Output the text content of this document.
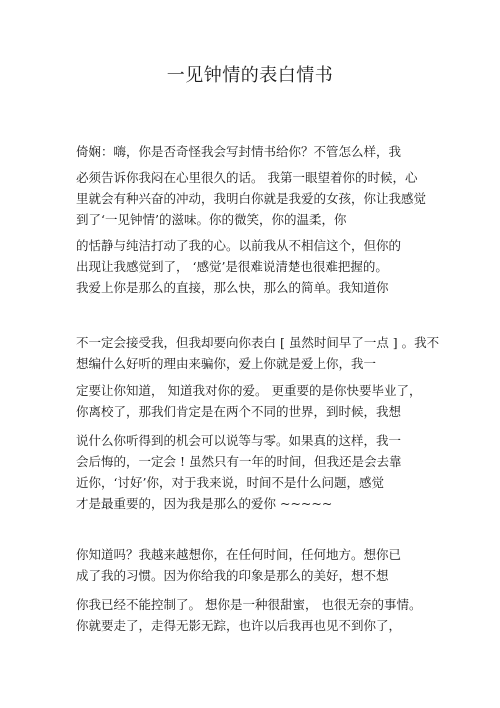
一见钟情的表白情书
倚娴：嗨，你是否奇怪我会写封情书给你？不管怎么样，我
必须告诉你我闷在心里很久的话。 我第一眼望着你的时候，心
里就会有种兴奋的冲动，我明白你就是我爱的女孩，你让我感觉
到了‘一见钟情’的滋味。你的微笑，你的温柔，你
的恬静与纯洁打动了我的心。以前我从不相信这个，但你的
出现让我感觉到了， ‘感觉’是很难说清楚也很难把握的。
我爱上你是那么的直接，那么快，那么的简单。我知道你
不一定会接受我，但我却要向你表白 [ 虽然时间早了一点 ] 。我不
想编什么好听的理由来骗你，爱上你就是爱上你，我一
定要让你知道， 知道我对你的爱。 更重要的是你快要毕业了，
你离校了，那我们肯定是在两个不同的世界，到时候，我想
说什么你听得到的机会可以说等与零。如果真的这样，我一
会后悔的，一定会 ! 虽然只有一年的时间，但我还是会去靠
近你，‘讨好’你，对于我来说，时间不是什么问题，感觉
才是最重要的，因为我是那么的爱你 ~~~~~
你知道吗？我越来越想你，在任何时间，任何地方。想你已
成了我的习惯。因为你给我的印象是那么的美好，想不想
你我已经不能控制了。 想你是一种很甜蜜， 也很无奈的事情。
你就要走了，走得无影无踪，也许以后我再也见不到你了，
